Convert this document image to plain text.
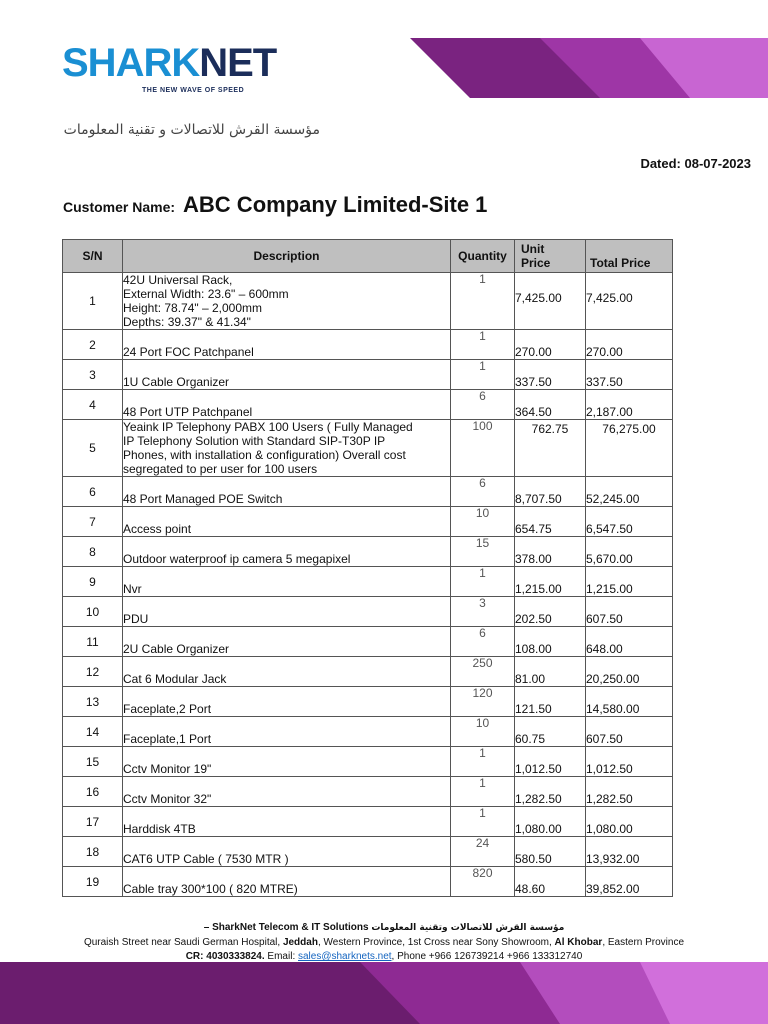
SHARKNET
THE NEW WAVE OF SPEED
مؤسسة القرش للاتصالات و تقنية المعلومات
Dated: 08-07-2023
Customer Name: ABC Company Limited-Site 1
S/N	Description	Quantity	Unit Price	Total Price
1	42U Universal Rack,
External Width: 23.6" – 600mm
Height: 78.74" – 2,000mm
Depths: 39.37" & 41.34"	1	7,425.00	7,425.00
2	24 Port FOC Patchpanel	1	270.00	270.00
3	1U Cable Organizer	1	337.50	337.50
4	48 Port UTP Patchpanel	6	364.50	2,187.00
5	Yeaink IP Telephony PABX 100 Users ( Fully Managed
IP Telephony Solution with Standard SIP-T30P IP
Phones, with installation & configuration) Overall cost
segregated to per user for 100 users	100	762.75	76,275.00
6	48 Port Managed POE Switch	6	8,707.50	52,245.00
7	Access point	10	654.75	6,547.50
8	Outdoor waterproof ip camera 5 megapixel	15	378.00	5,670.00
9	Nvr	1	1,215.00	1,215.00
10	PDU	3	202.50	607.50
11	2U Cable Organizer	6	108.00	648.00
12	Cat 6 Modular Jack	250	81.00	20,250.00
13	Faceplate,2 Port	120	121.50	14,580.00
14	Faceplate,1 Port	10	60.75	607.50
15	Cctv Monitor 19"	1	1,012.50	1,012.50
16	Cctv Monitor 32"	1	1,282.50	1,282.50
17	Harddisk 4TB	1	1,080.00	1,080.00
18	CAT6 UTP Cable ( 7530 MTR )	24	580.50	13,932.00
19	Cable tray 300*100 ( 820 MTRE)	820	48.60	39,852.00
– SharkNet Telecom & IT Solutions مؤسسة القرش للاتصالات وتقنية المعلومات
Quraish Street near Saudi German Hospital, Jeddah, Western Province, 1st Cross near Sony Showroom, Al Khobar, Eastern Province
CR: 4030333824. Email: sales@sharknets.net, Phone +966 126739214 +966 133312740
